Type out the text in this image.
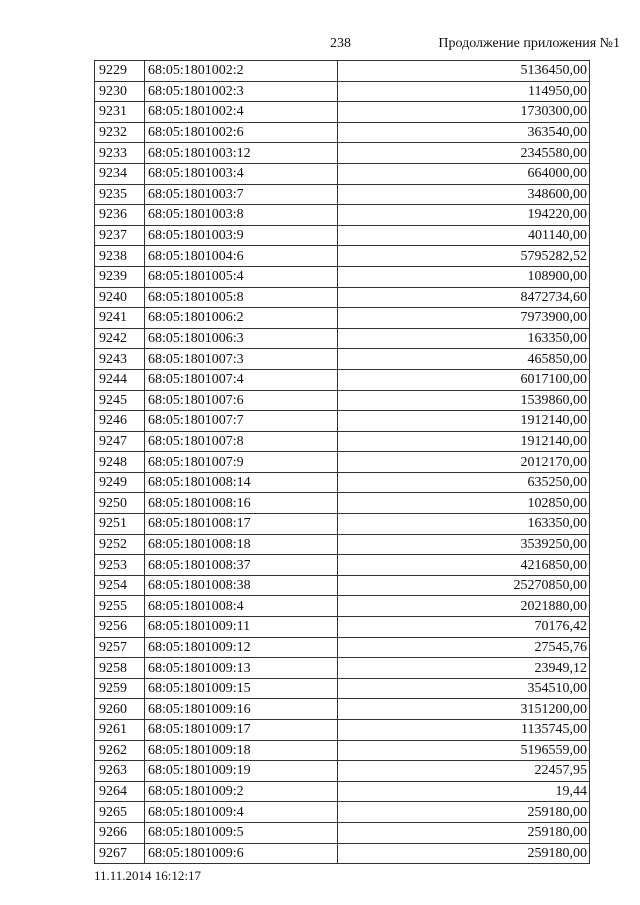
238	Продолжение приложения №1
9229	68:05:1801002:2	5136450,00
9230	68:05:1801002:3	114950,00
9231	68:05:1801002:4	1730300,00
9232	68:05:1801002:6	363540,00
9233	68:05:1801003:12	2345580,00
9234	68:05:1801003:4	664000,00
9235	68:05:1801003:7	348600,00
9236	68:05:1801003:8	194220,00
9237	68:05:1801003:9	401140,00
9238	68:05:1801004:6	5795282,52
9239	68:05:1801005:4	108900,00
9240	68:05:1801005:8	8472734,60
9241	68:05:1801006:2	7973900,00
9242	68:05:1801006:3	163350,00
9243	68:05:1801007:3	465850,00
9244	68:05:1801007:4	6017100,00
9245	68:05:1801007:6	1539860,00
9246	68:05:1801007:7	1912140,00
9247	68:05:1801007:8	1912140,00
9248	68:05:1801007:9	2012170,00
9249	68:05:1801008:14	635250,00
9250	68:05:1801008:16	102850,00
9251	68:05:1801008:17	163350,00
9252	68:05:1801008:18	3539250,00
9253	68:05:1801008:37	4216850,00
9254	68:05:1801008:38	25270850,00
9255	68:05:1801008:4	2021880,00
9256	68:05:1801009:11	70176,42
9257	68:05:1801009:12	27545,76
9258	68:05:1801009:13	23949,12
9259	68:05:1801009:15	354510,00
9260	68:05:1801009:16	3151200,00
9261	68:05:1801009:17	1135745,00
9262	68:05:1801009:18	5196559,00
9263	68:05:1801009:19	22457,95
9264	68:05:1801009:2	19,44
9265	68:05:1801009:4	259180,00
9266	68:05:1801009:5	259180,00
9267	68:05:1801009:6	259180,00
11.11.2014 16:12:17
